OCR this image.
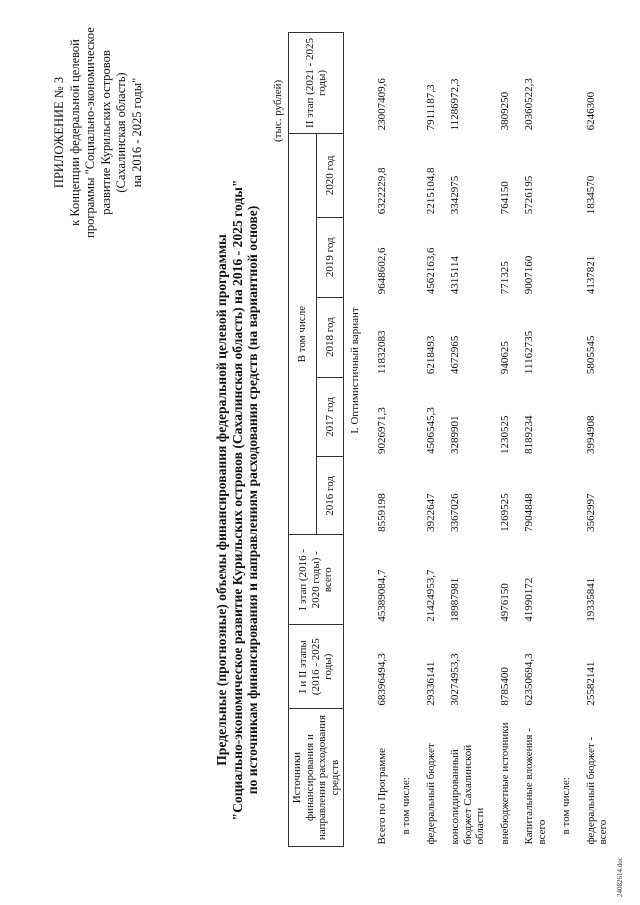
ПРИЛОЖЕНИЕ № 3 к Концепции федеральной целевой программы "Социально-экономическое развитие Курильских островов (Сахалинская область) на 2016 - 2025 годы"
Предельные (прогнозные) объемы финансирования федеральной целевой программы "Социально-экономическое развитие Курильских островов (Сахалинская область) на 2016 - 2025 годы" по источникам финансирования и направлениям расходования средств (на вариантной основе)
(тыс. рублей)
Источники финансирования и направления расходования средств	I и II этапы (2016 - 2025 годы)	I этап (2016 - 2020 годы) - всего	В том числе					II этап (2021 - 2025 годы)
			2016 год	2017 год	2018 год	2019 год	2020 год	
	I. Оптимистичный вариант							
Всего по Программе	68396494,3	45389084,7	8559198	9026971,3	11832083	9648602,6	6322229,8	23007409,6
в том числе:								
федеральный бюджет	29336141	21424953,7	3922647	4506545,3	6218493	4562163,6	2215104,8	7911187,3
консолидированный бюджет Сахалинской области	30274953,3	18987981	3367026	3289901	4672965	4315114	3342975	11286972,3
внебюджетные источники	8785400	4976150	1269525	1230525	940625	771325	764150	3809250
Капитальные вложения - всего	62350694,3	41990172	7904848	8189234	11162735	9007160	5726195	20360522,3
в том числе:								
федеральный бюджет - всего	25582141	19335841	3562997	3994908	5805545	4137821	1834570	6246300
24082614.doc
